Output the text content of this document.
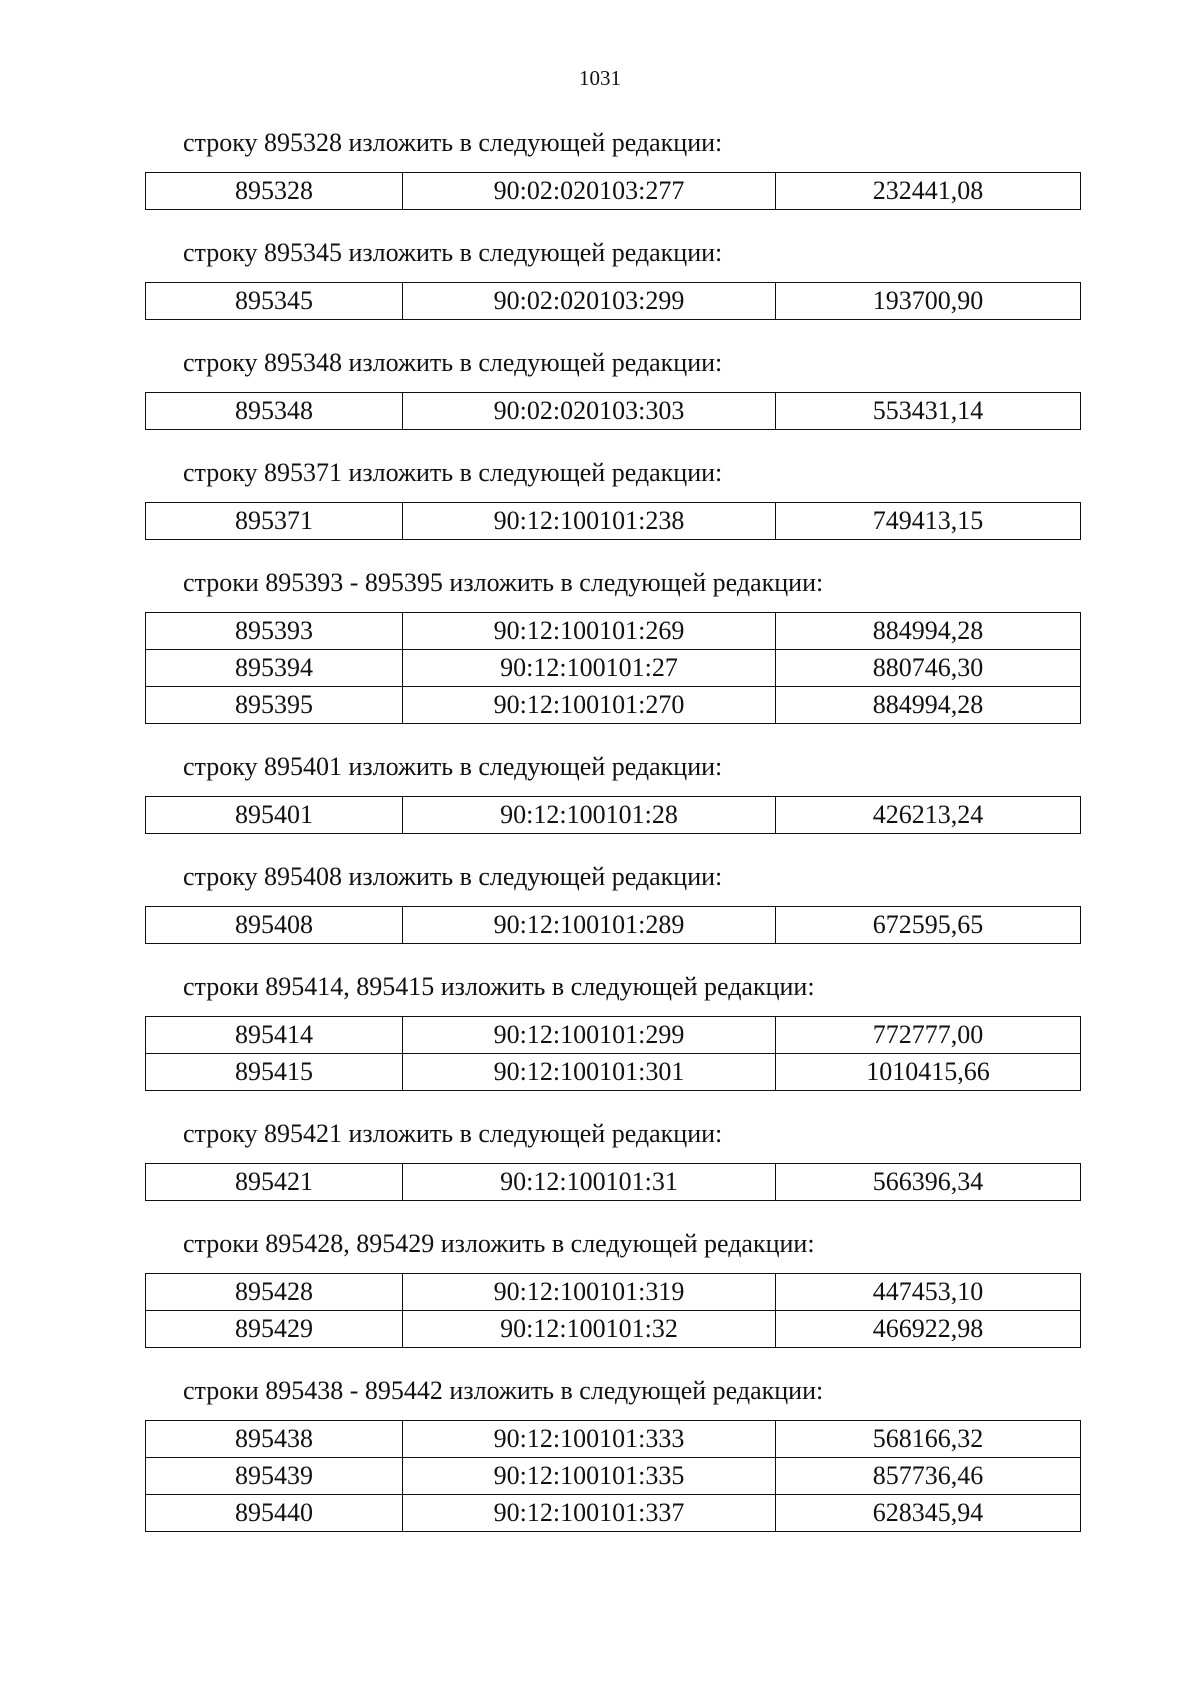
1031
строку 895328 изложить в следующей редакции:
895328	90:02:020103:277	232441,08
строку 895345 изложить в следующей редакции:
895345	90:02:020103:299	193700,90
строку 895348 изложить в следующей редакции:
895348	90:02:020103:303	553431,14
строку 895371 изложить в следующей редакции:
895371	90:12:100101:238	749413,15
строки 895393 - 895395 изложить в следующей редакции:
895393	90:12:100101:269	884994,28
895394	90:12:100101:27	880746,30
895395	90:12:100101:270	884994,28
строку 895401 изложить в следующей редакции:
895401	90:12:100101:28	426213,24
строку 895408 изложить в следующей редакции:
895408	90:12:100101:289	672595,65
строки 895414, 895415 изложить в следующей редакции:
895414	90:12:100101:299	772777,00
895415	90:12:100101:301	1010415,66
строку 895421 изложить в следующей редакции:
895421	90:12:100101:31	566396,34
строки 895428, 895429 изложить в следующей редакции:
895428	90:12:100101:319	447453,10
895429	90:12:100101:32	466922,98
строки 895438 - 895442 изложить в следующей редакции:
895438	90:12:100101:333	568166,32
895439	90:12:100101:335	857736,46
895440	90:12:100101:337	628345,94
